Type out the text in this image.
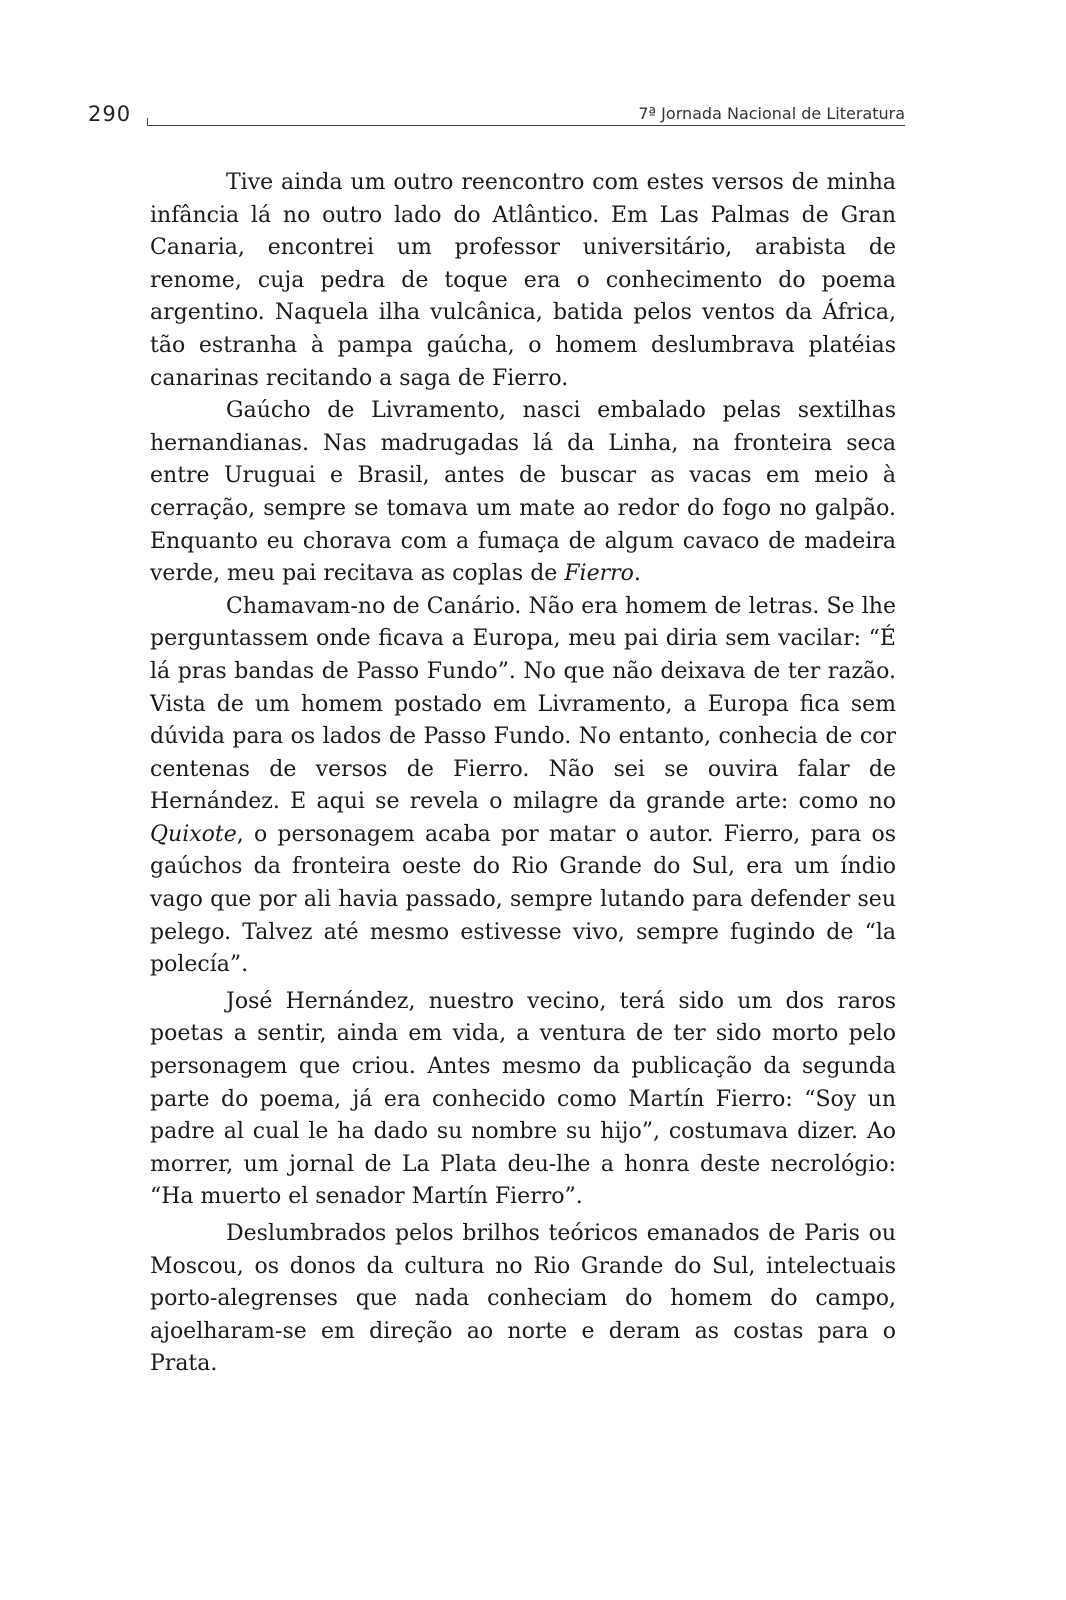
290	7ª Jornada Nacional de Literatura

Tive ainda um outro reencontro com estes versos de minha infância lá no outro lado do Atlântico. Em Las Palmas de Gran Canaria, encontrei um professor universitário, arabista de renome, cuja pedra de toque era o conhecimento do poema argentino. Naquela ilha vulcânica, batida pelos ventos da África, tão estranha à pampa gaúcha, o homem deslumbrava platéias canarinas recitando a saga de Fierro.

Gaúcho de Livramento, nasci embalado pelas sextilhas hernandianas. Nas madrugadas lá da Linha, na fronteira seca entre Uruguai e Brasil, antes de buscar as vacas em meio à cerração, sempre se tomava um mate ao redor do fogo no galpão. Enquanto eu chorava com a fumaça de algum cavaco de madeira verde, meu pai recitava as coplas de Fierro.

Chamavam-no de Canário. Não era homem de letras. Se lhe perguntassem onde ficava a Europa, meu pai diria sem vacilar: “É lá pras bandas de Passo Fundo”. No que não deixava de ter razão. Vista de um homem postado em Livramento, a Europa fica sem dúvida para os lados de Passo Fundo. No entanto, conhecia de cor centenas de versos de Fierro. Não sei se ouvira falar de Hernández. E aqui se revela o milagre da grande arte: como no Quixote, o personagem acaba por matar o autor. Fierro, para os gaúchos da fronteira oeste do Rio Grande do Sul, era um índio vago que por ali havia passado, sempre lutando para defender seu pelego. Talvez até mesmo estivesse vivo, sempre fugindo de “la polecía”.

José Hernández, nuestro vecino, terá sido um dos raros poetas a sentir, ainda em vida, a ventura de ter sido morto pelo personagem que criou. Antes mesmo da publicação da segunda parte do poema, já era conhecido como Martín Fierro: “Soy un padre al cual le ha dado su nombre su hijo”, costumava dizer. Ao morrer, um jornal de La Plata deu-lhe a honra deste necrológio: “Ha muerto el senador Martín Fierro”.

Deslumbrados pelos brilhos teóricos emanados de Paris ou Moscou, os donos da cultura no Rio Grande do Sul, intelectuais porto-alegrenses que nada conheciam do homem do campo, ajoelharam-se em direção ao norte e deram as costas para o Prata.
